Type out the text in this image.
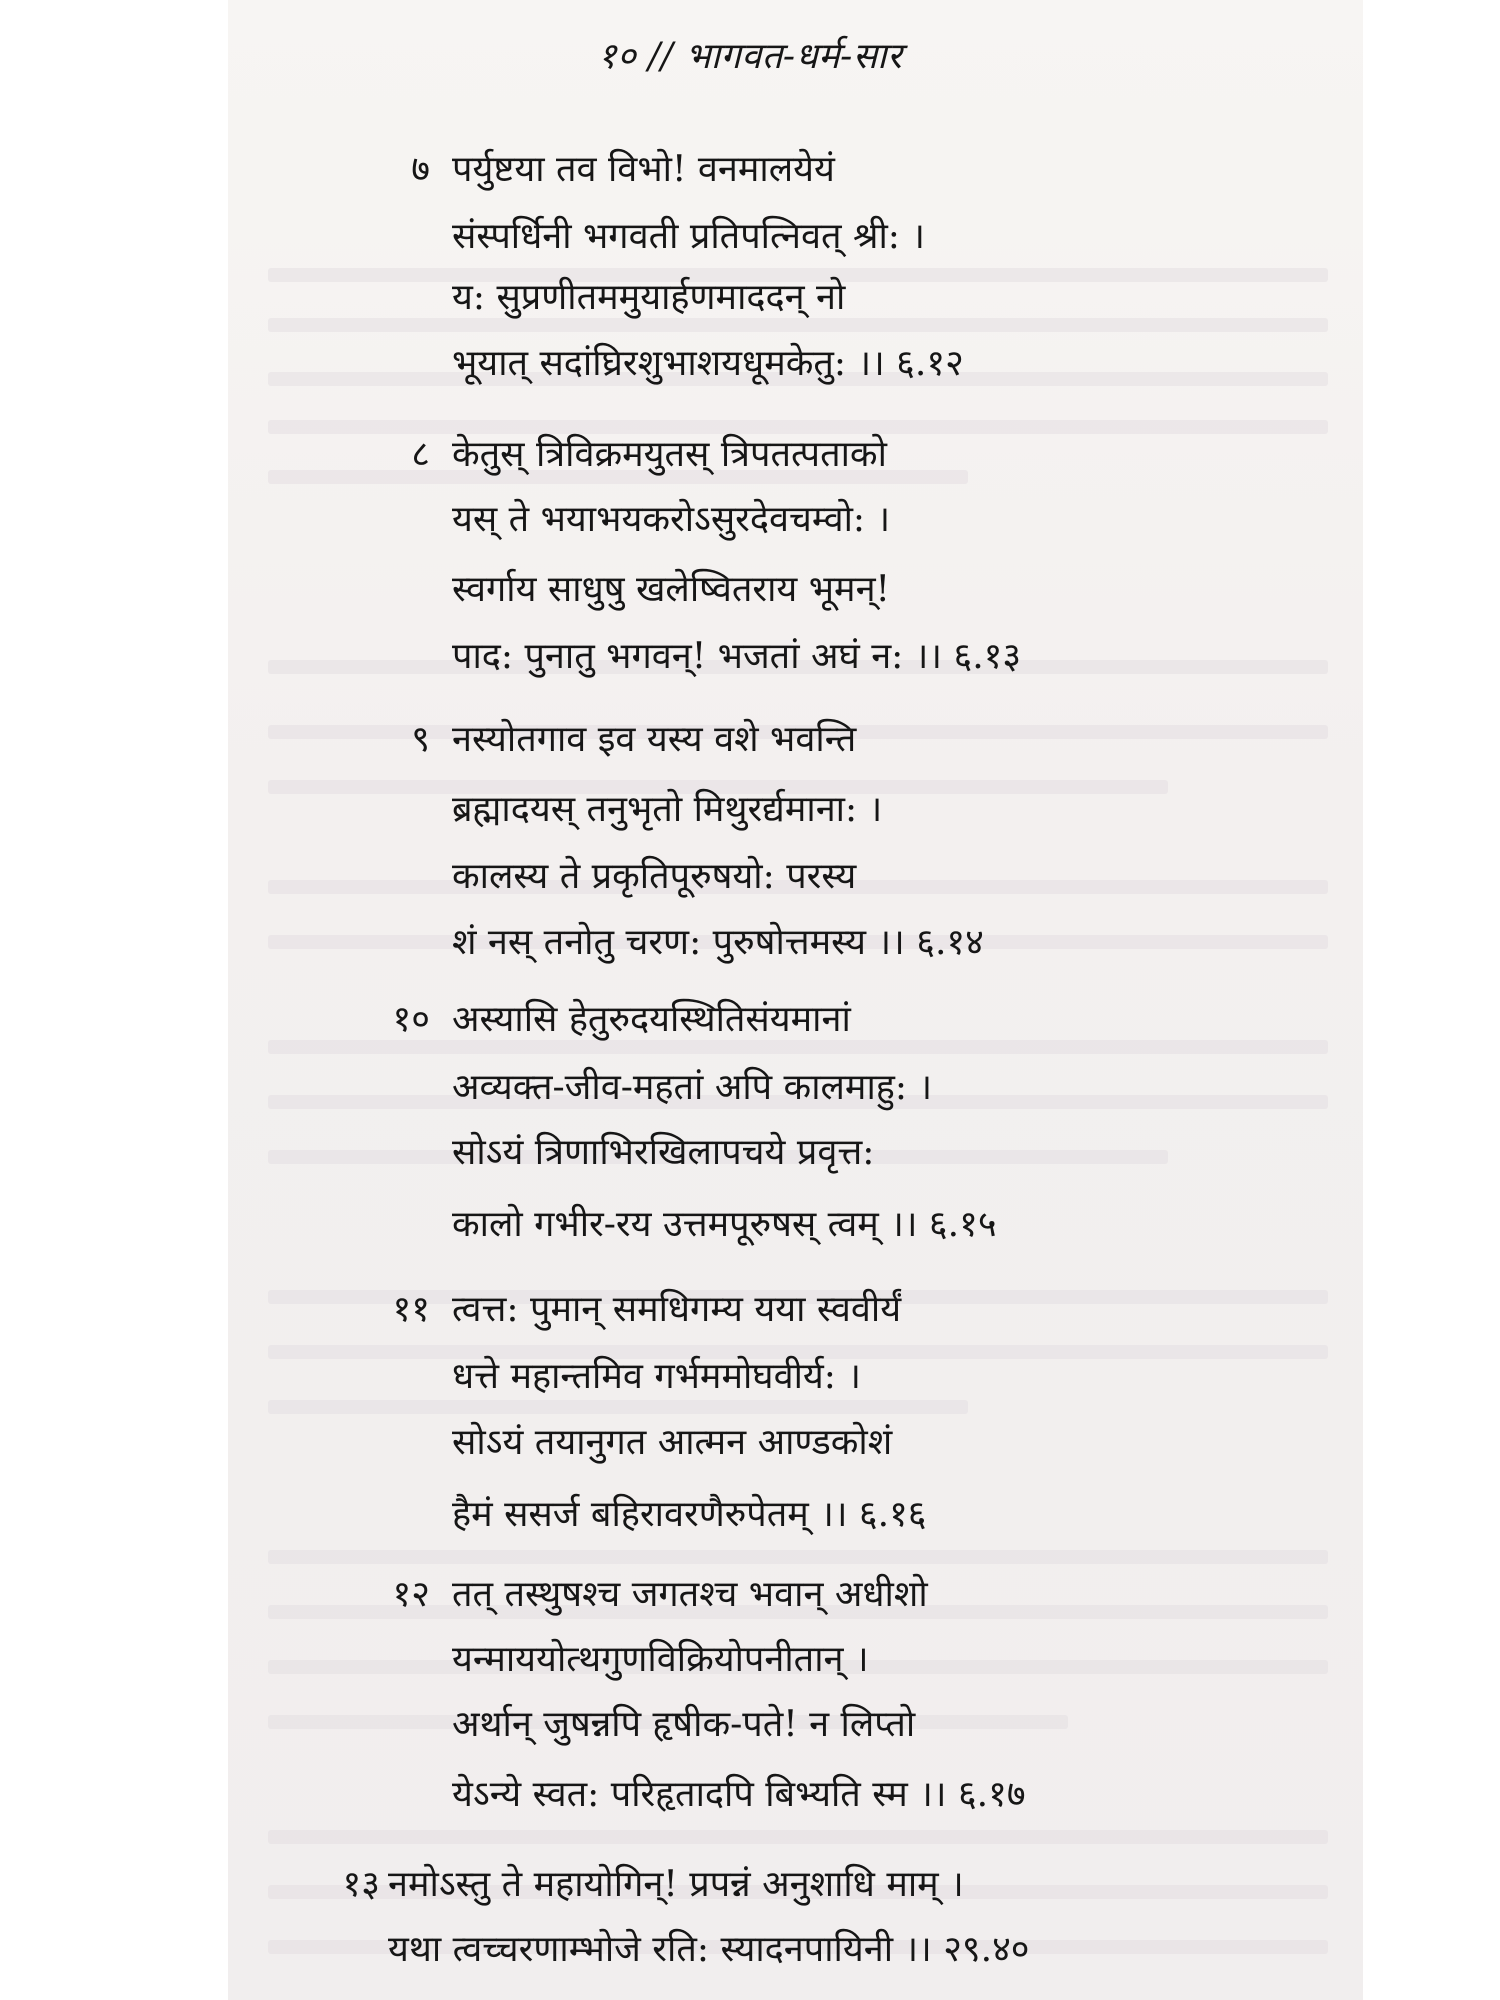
१० // भागवत-धर्म-सार
७ पर्युष्टया तव विभो! वनमालयेयं
संस्पर्धिनी भगवती प्रतिपत्निवत् श्री: ।
य: सुप्रणीतममुयार्हणमाददन् नो
भूयात् सदांघ्रिरशुभाशयधूमकेतु: ।। ६.१२
८ केतुस् त्रिविक्रमयुतस् त्रिपतत्पताको
यस् ते भयाभयकरोऽसुरदेवचम्वो: ।
स्वर्गाय साधुषु खलेष्वितराय भूमन्!
पाद: पुनातु भगवन्! भजतां अघं न: ।। ६.१३
९ नस्योतगाव इव यस्य वशे भवन्ति
ब्रह्मादयस् तनुभृतो मिथुरर्द्यमाना: ।
कालस्य ते प्रकृतिपूरुषयो: परस्य
शं नस् तनोतु चरण: पुरुषोत्तमस्य ।। ६.१४
१० अस्यासि हेतुरुदयस्थितिसंयमानां
अव्यक्त-जीव-महतां अपि कालमाहु: ।
सोऽयं त्रिणाभिरखिलापचये प्रवृत्त:
कालो गभीर-रय उत्तमपूरुषस् त्वम् ।। ६.१५
११ त्वत्त: पुमान् समधिगम्य यया स्ववीर्यं
धत्ते महान्तमिव गर्भममोघवीर्य: ।
सोऽयं तयानुगत आत्मन आण्डकोशं
हैमं ससर्ज बहिरावरणैरुपेतम् ।। ६.१६
१२ तत् तस्थुषश्च जगतश्च भवान् अधीशो
यन्माययोत्थगुणविक्रियोपनीतान् ।
अर्थान् जुषन्नपि हृषीक-पते! न लिप्तो
येऽन्ये स्वत: परिहृतादपि बिभ्यति स्म ।। ६.१७
१३ नमोऽस्तु ते महायोगिन्! प्रपन्नं अनुशाधि माम् ।
यथा त्वच्चरणाम्भोजे रति: स्यादनपायिनी ।। २९.४०
